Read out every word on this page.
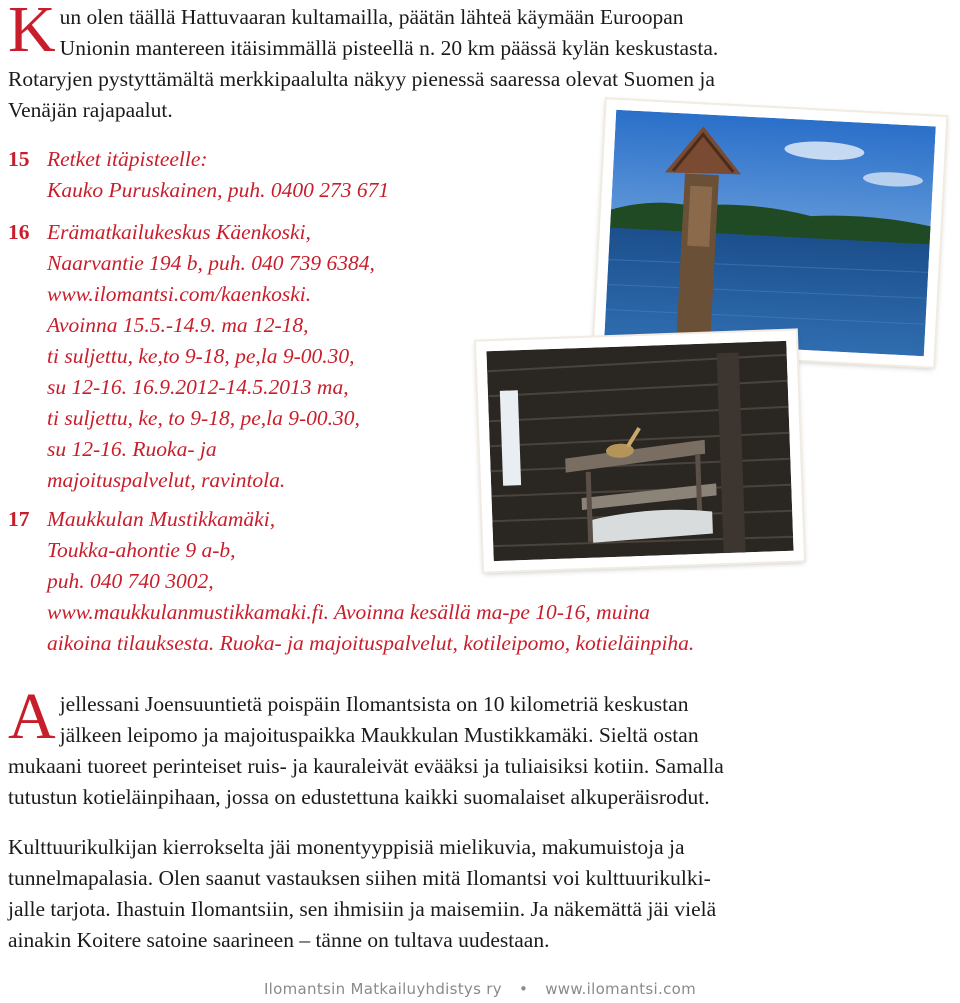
K un olen täällä Hattuvaaran kultamailla, päätän lähteä käymään Euroopan
Unionin mantereen itäisimmällä pisteellä n. 20 km päässä kylän keskustasta.
Rotaryjen pystyttämältä merkkipaalulta näkyy pienessä saaressa olevat Suomen ja
Venäjän rajapaalut.
15 Retket itäpisteelle:
Kauko Puruskainen, puh. 0400 273 671
16 Erämatkailukeskus Käenkoski,
Naarvantie 194 b, puh. 040 739 6384,
www.ilomantsi.com/kaenkoski.
Avoinna 15.5.-14.9. ma 12-18,
ti suljettu, ke,to 9-18, pe,la 9-00.30,
su 12-16. 16.9.2012-14.5.2013 ma,
ti suljettu, ke, to 9-18, pe,la 9-00.30,
su 12-16. Ruoka- ja
majoituspalvelut, ravintola.
17 Maukkulan Mustikkamäki,
Toukka-ahontie 9 a-b,
puh. 040 740 3002,
www.maukkulanmustikkamaki.fi. Avoinna kesällä ma-pe 10-16, muina
aikoina tilauksesta. Ruoka- ja majoituspalvelut, kotileipomo, kotieläinpiha.
A jellessani Joensuuntietä poispäin Ilomantsista on 10 kilometriä keskustan
jälkeen leipomo ja majoituspaikka Maukkulan Mustikkamäki. Sieltä ostan
mukaani tuoreet perinteiset ruis- ja kauraleivät evääksi ja tuliaisiksi kotiin. Samalla
tutustun kotieläinpihaan, jossa on edustettuna kaikki suomalaiset alkuperäisrodut.
Kulttuurikulkijan kierrokselta jäi monentyyppisiä mielikuvia, makumuistoja ja
tunnelmapalasia. Olen saanut vastauksen siihen mitä Ilomantsi voi kulttuurikulki-
jalle tarjota. Ihastuin Ilomantsiin, sen ihmisiin ja maisemiin. Ja näkemättä jäi vielä
ainakin Koitere satoine saarineen – tänne on tultava uudestaan.
Ilomantsin Matkailuyhdistys ry • www.ilomantsi.com
